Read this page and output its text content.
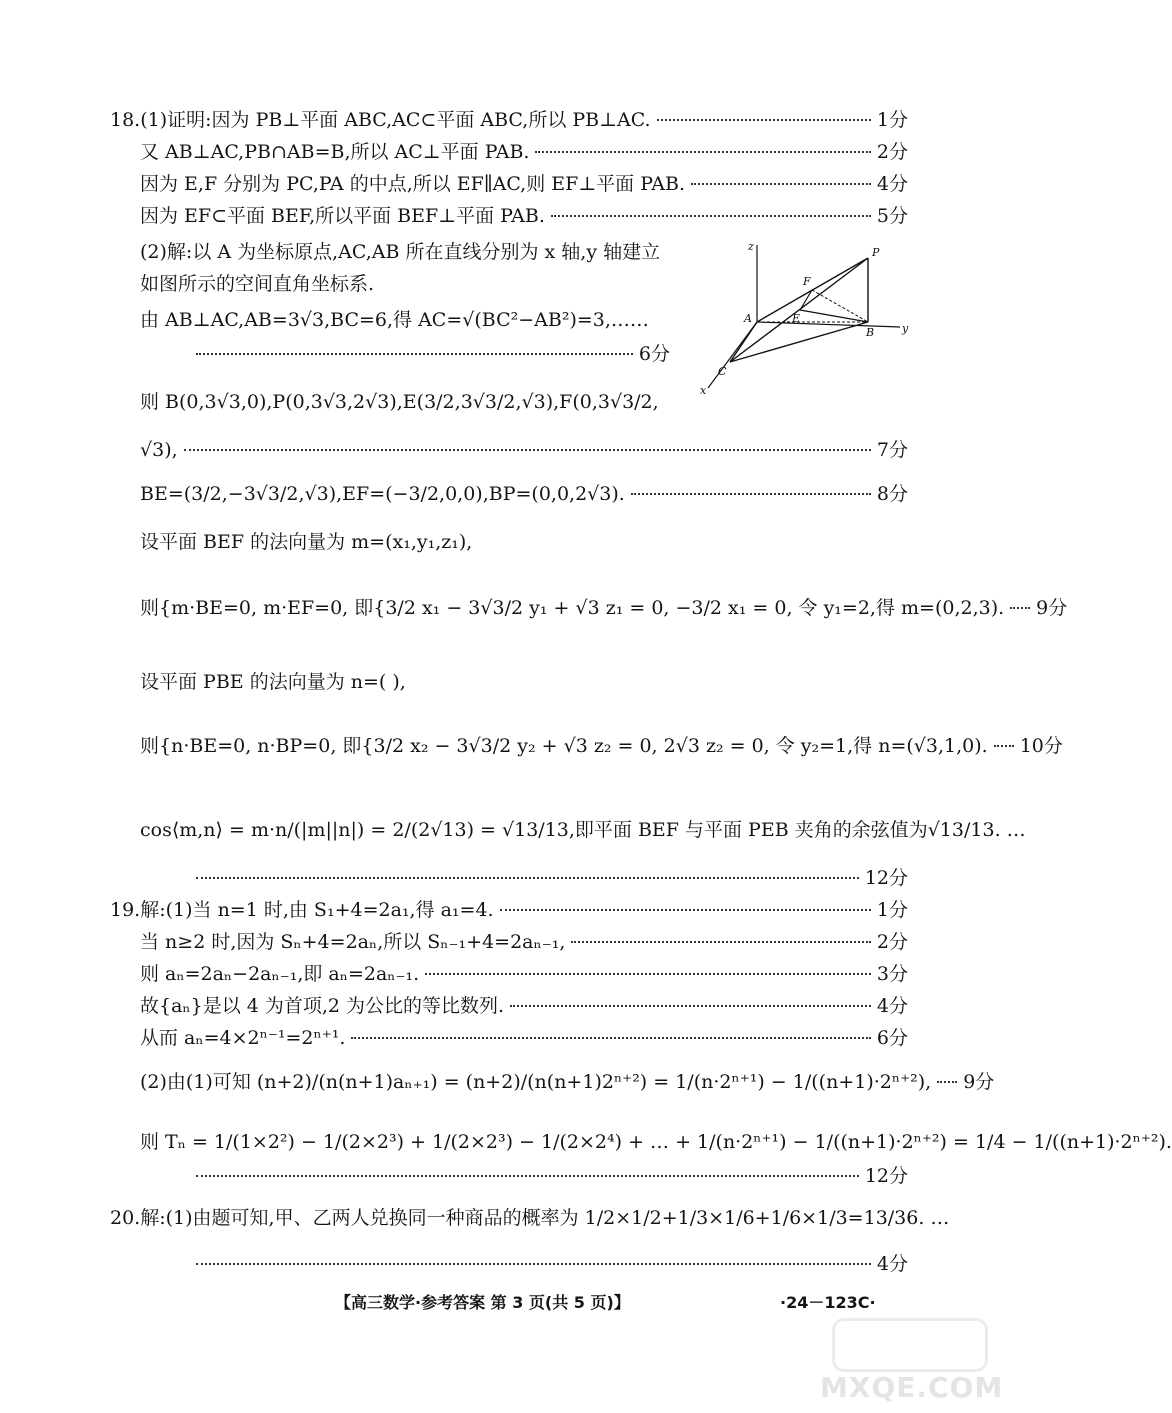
18.(1)证明:因为 PB⊥平面 ABC,AC⊂平面 ABC,所以 PB⊥AC.	1分
又 AB⊥AC,PB∩AB=B,所以 AC⊥平面 PAB.	2分
因为 E,F 分别为 PC,PA 的中点,所以 EF∥AC,则 EF⊥平面 PAB.	4分
因为 EF⊂平面 BEF,所以平面 BEF⊥平面 PAB.	5分
(2)解:以 A 为坐标原点,AC,AB 所在直线分别为 x 轴,y 轴建立
如图所示的空间直角坐标系.
由 AB⊥AC,AB=3√3,BC=6,得 AC=√(BC²−AB²)=3,……
6分
则 B(0,3√3,0),P(0,3√3,2√3),E(3/2,3√3/2,√3),F(0,3√3/2,
√3),	7分
BE=(3/2,−3√3/2,√3),EF=(−3/2,0,0),BP=(0,0,2√3).	8分
设平面 BEF 的法向量为 m=(x₁,y₁,z₁),
则{m·BE=0, m·EF=0, 即{3/2 x₁ − 3√3/2 y₁ + √3 z₁ = 0, −3/2 x₁ = 0, 令 y₁=2,得 m=(0,2,3). 9分
设平面 PBE 的法向量为 n=( ),
则{n·BE=0, n·BP=0, 即{3/2 x₂ − 3√3/2 y₂ + √3 z₂ = 0, 2√3 z₂ = 0, 令 y₂=1,得 n=(√3,1,0). 10分
cos⟨m,n⟩ = m·n/(|m||n|) = 2/(2√13) = √13/13,即平面 BEF 与平面 PEB 夹角的余弦值为√13/13. …
12分
19.解:(1)当 n=1 时,由 S₁+4=2a₁,得 a₁=4.	1分
当 n≥2 时,因为 Sₙ+4=2aₙ,所以 Sₙ₋₁+4=2aₙ₋₁,	2分
则 aₙ=2aₙ−2aₙ₋₁,即 aₙ=2aₙ₋₁.	3分
故{aₙ}是以 4 为首项,2 为公比的等比数列.	4分
从而 aₙ=4×2ⁿ⁻¹=2ⁿ⁺¹.	6分
(2)由(1)可知 (n+2)/(n(n+1)aₙ₊₁) = (n+2)/(n(n+1)2ⁿ⁺²) = 1/(n·2ⁿ⁺¹) − 1/((n+1)·2ⁿ⁺²), 9分
则 Tₙ = 1/(1×2²) − 1/(2×2³) + 1/(2×2³) − 1/(2×2⁴) + … + 1/(n·2ⁿ⁺¹) − 1/((n+1)·2ⁿ⁺²) = 1/4 − 1/((n+1)·2ⁿ⁺²).
12分
20.解:(1)由题可知,甲、乙两人兑换同一种商品的概率为 1/2×1/2+1/3×1/6+1/6×1/3=13/36. …
4分
z	P
F
A	E
B	y
C
x
【高三数学·参考答案 第 3 页(共 5 页)】	·24－123C·
MXQE.COM
